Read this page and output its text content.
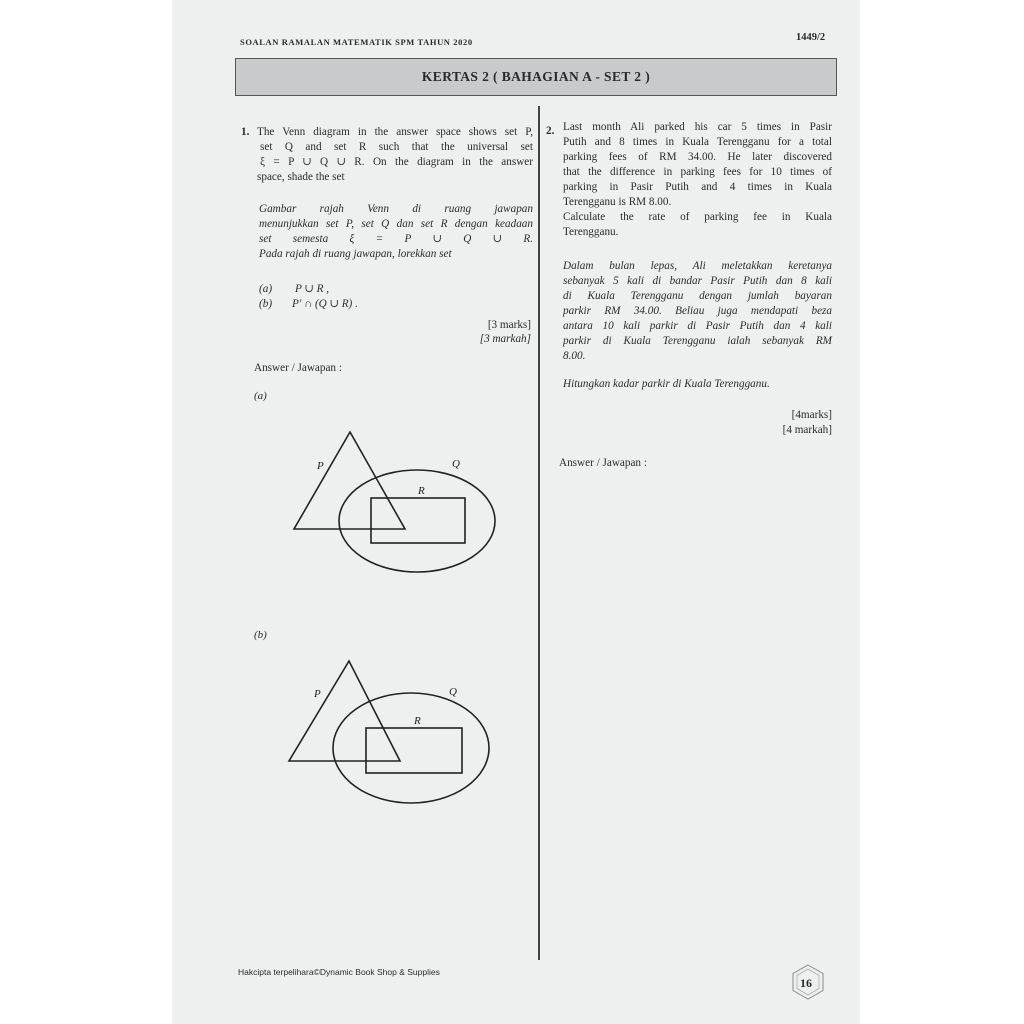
SOALAN RAMALAN MATEMATIK SPM TAHUN 2020	1449/2
KERTAS 2 ( BAHAGIAN A - SET 2 )
1. The Venn diagram in the answer space shows set P,
set Q and set R such that the universal set
ξ = P ∪ Q ∪ R. On the diagram in the answer
space, shade the set
Gambar rajah Venn di ruang jawapan
menunjukkan set P, set Q dan set R dengan keadaan
set semesta ξ = P ∪ Q ∪ R.
Pada rajah di ruang jawapan, lorekkan set
(a) P ∪ R ,
(b) P′ ∩ (Q ∪ R) .
[3 marks]
[3 markah]
Answer / Jawapan :
(a)
(b)
P	Q
R
P	Q
R
2. Last month Ali parked his car 5 times in Pasir
Putih and 8 times in Kuala Terengganu for a total
parking fees of RM 34.00. He later discovered
that the difference in parking fees for 10 times of
parking in Pasir Putih and 4 times in Kuala
Terengganu is RM 8.00.
Calculate the rate of parking fee in Kuala
Terengganu.
Dalam bulan lepas, Ali meletakkan keretanya
sebanyak 5 kali di bandar Pasir Putih dan 8 kali
di Kuala Terengganu dengan jumlah bayaran
parkir RM 34.00. Beliau juga mendapati beza
antara 10 kali parkir di Pasir Putih dan 4 kali
parkir di Kuala Terengganu ialah sebanyak RM
8.00.
Hitungkan kadar parkir di Kuala Terengganu.
[4marks]
[4 markah]
Answer / Jawapan :
Hakcipta terpelihara©Dynamic Book Shop & Supplies
16
